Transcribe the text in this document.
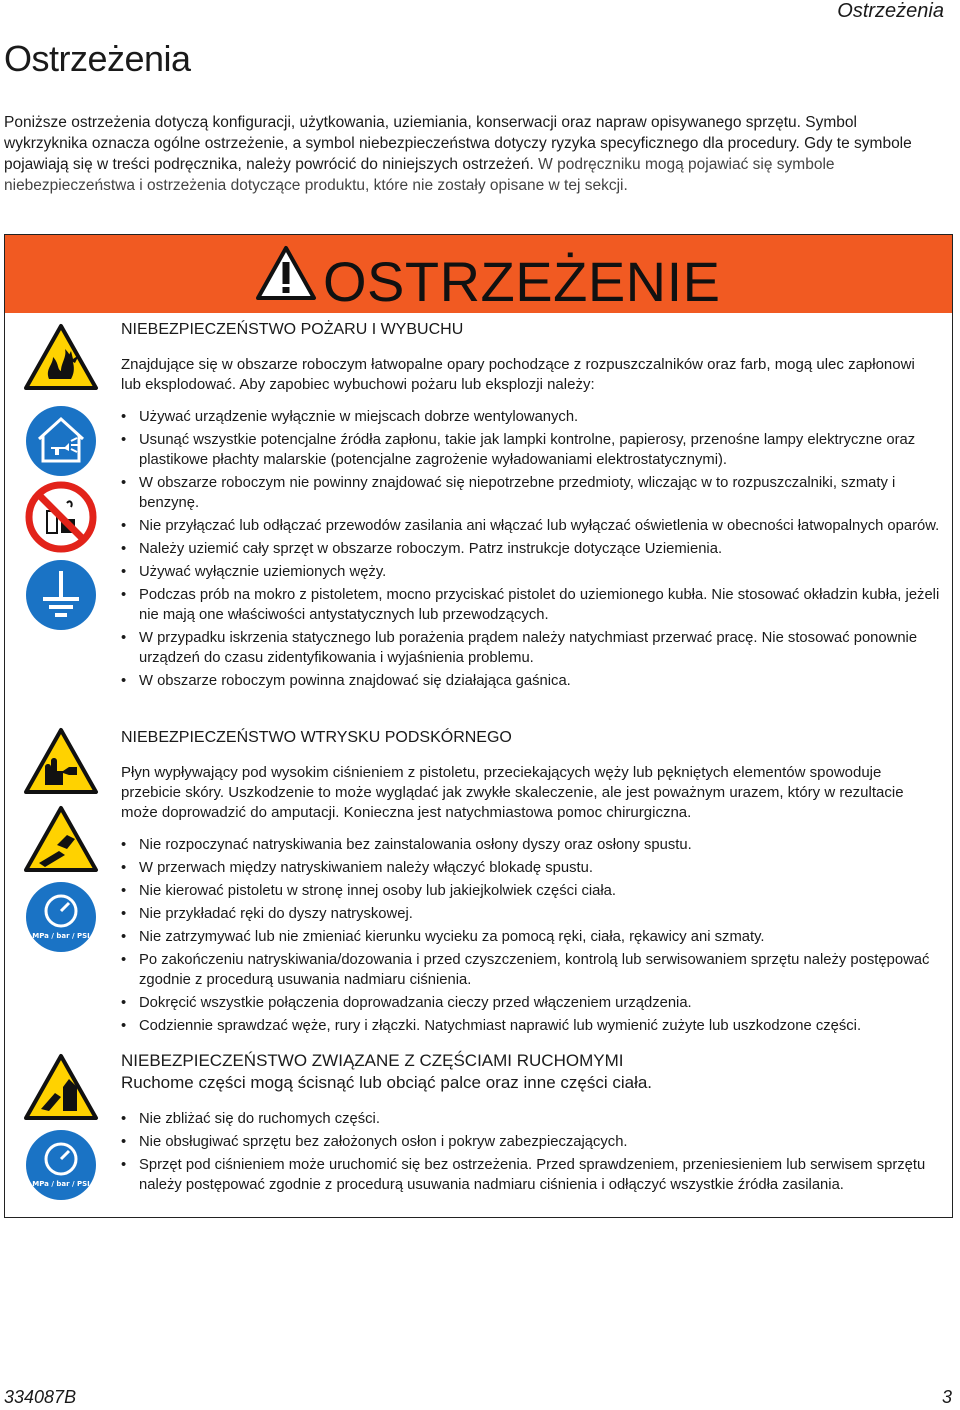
Ostrzeżenia
Ostrzeżenia

Poniższe ostrzeżenia dotyczą konfiguracji, użytkowania, uziemiania, konserwacji oraz napraw opisywanego sprzętu. Symbol wykrzyknika oznacza ogólne ostrzeżenie, a symbol niebezpieczeństwa dotyczy ryzyka specyficznego dla procedury. Gdy te symbole pojawiają się w treści podręcznika, należy powrócić do niniejszych ostrzeżeń. W podręczniku mogą pojawiać się symbole niebezpieczeństwa i ostrzeżenia dotyczące produktu, które nie zostały opisane w tej sekcji.

OSTRZEŻENIE
NIEBEZPIECZEŃSTWO POŻARU I WYBUCHU

Znajdujące się w obszarze roboczym łatwopalne opary pochodzące z rozpuszczalników oraz farb, mogą ulec zapłonowi lub eksplodować. Aby zapobiec wybuchowi pożaru lub eksplozji należy:

• Używać urządzenie wyłącznie w miejscach dobrze wentylowanych.
• Usunąć wszystkie potencjalne źródła zapłonu, takie jak lampki kontrolne, papierosy, przenośne lampy elektryczne oraz plastikowe płachty malarskie (potencjalne zagrożenie wyładowaniami elektrostatycznymi).
• W obszarze roboczym nie powinny znajdować się niepotrzebne przedmioty, wliczając w to rozpuszczalniki, szmaty i benzynę.
• Nie przyłączać lub odłączać przewodów zasilania ani włączać lub wyłączać oświetlenia w obecności łatwopalnych oparów.
• Należy uziemić cały sprzęt w obszarze roboczym. Patrz instrukcje dotyczące Uziemienia.
• Używać wyłącznie uziemionych węży.
• Podczas prób na mokro z pistoletem, mocno przyciskać pistolet do uziemionego kubła. Nie stosować okładzin kubła, jeżeli nie mają one właściwości antystatycznych lub przewodzących.
• W przypadku iskrzenia statycznego lub porażenia prądem należy natychmiast przerwać pracę. Nie stosować ponownie urządzeń do czasu zidentyfikowania i wyjaśnienia problemu.
• W obszarze roboczym powinna znajdować się działająca gaśnica.
MPa / bar / PSI
NIEBEZPIECZEŃSTWO WTRYSKU PODSKÓRNEGO

Płyn wypływający pod wysokim ciśnieniem z pistoletu, przeciekających węży lub pękniętych elementów spowoduje przebicie skóry. Uszkodzenie to może wyglądać jak zwykłe skaleczenie, ale jest poważnym urazem, który w rezultacie może doprowadzić do amputacji. Konieczna jest natychmiastowa pomoc chirurgiczna.

• Nie rozpoczynać natryskiwania bez zainstalowania osłony dyszy oraz osłony spustu.
• W przerwach między natryskiwaniem należy włączyć blokadę spustu.
• Nie kierować pistoletu w stronę innej osoby lub jakiejkolwiek części ciała.
• Nie przykładać ręki do dyszy natryskowej.
• Nie zatrzymywać lub nie zmieniać kierunku wycieku za pomocą ręki, ciała, rękawicy ani szmaty.
• Po zakończeniu natryskiwania/dozowania i przed czyszczeniem, kontrolą lub serwisowaniem sprzętu należy postępować zgodnie z procedurą usuwania nadmiaru ciśnienia.
• Dokręcić wszystkie połączenia doprowadzania cieczy przed włączeniem urządzenia.
• Codziennie sprawdzać węże, rury i złączki. Natychmiast naprawić lub wymienić zużyte lub uszkodzone części.
MPa / bar / PSI
NIEBEZPIECZEŃSTWO ZWIĄZANE Z CZĘŚCIAMI RUCHOMYMI
Ruchome części mogą ścisnąć lub obciąć palce oraz inne części ciała.
• Nie zbliżać się do ruchomych części.
• Nie obsługiwać sprzętu bez założonych osłon i pokryw zabezpieczających.
• Sprzęt pod ciśnieniem może uruchomić się bez ostrzeżenia. Przed sprawdzeniem, przeniesieniem lub serwisem sprzętu należy postępować zgodnie z procedurą usuwania nadmiaru ciśnienia i odłączyć wszystkie źródła zasilania.
334087B	3
